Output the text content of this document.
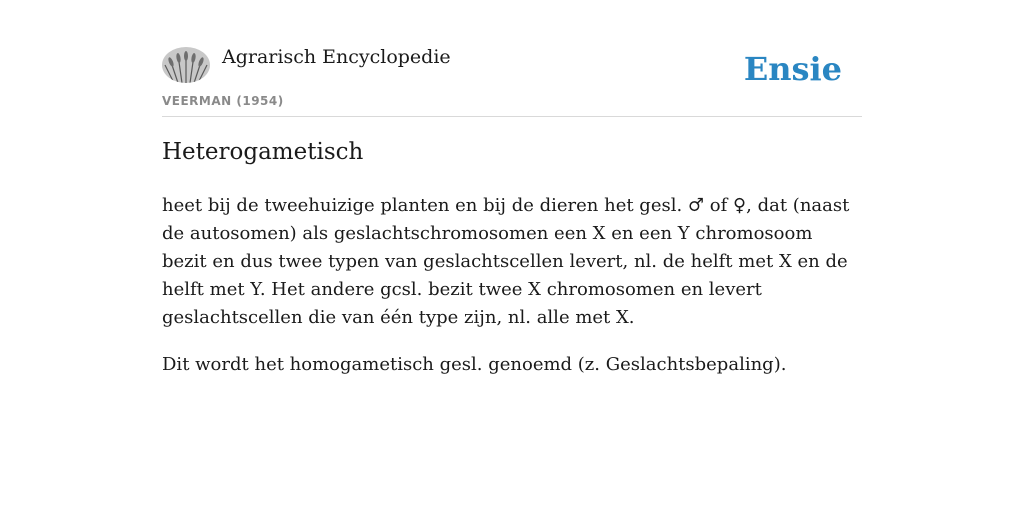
Agrarisch Encyclopedie
VEERMAN (1954)
Ensie
Heterogametisch

heet bij de tweehuizige planten en bij de dieren het gesl. ♂ of ♀, dat (naast de autosomen) als geslachtschromosomen een X en een Y chromosoom bezit en dus twee typen van geslachtscellen levert, nl. de helft met X en de helft met Y. Het andere gcsl. bezit twee X chromosomen en levert geslachtscellen die van één type zijn, nl. alle met X.

Dit wordt het homogametisch gesl. genoemd (z. Geslachtsbepaling).
